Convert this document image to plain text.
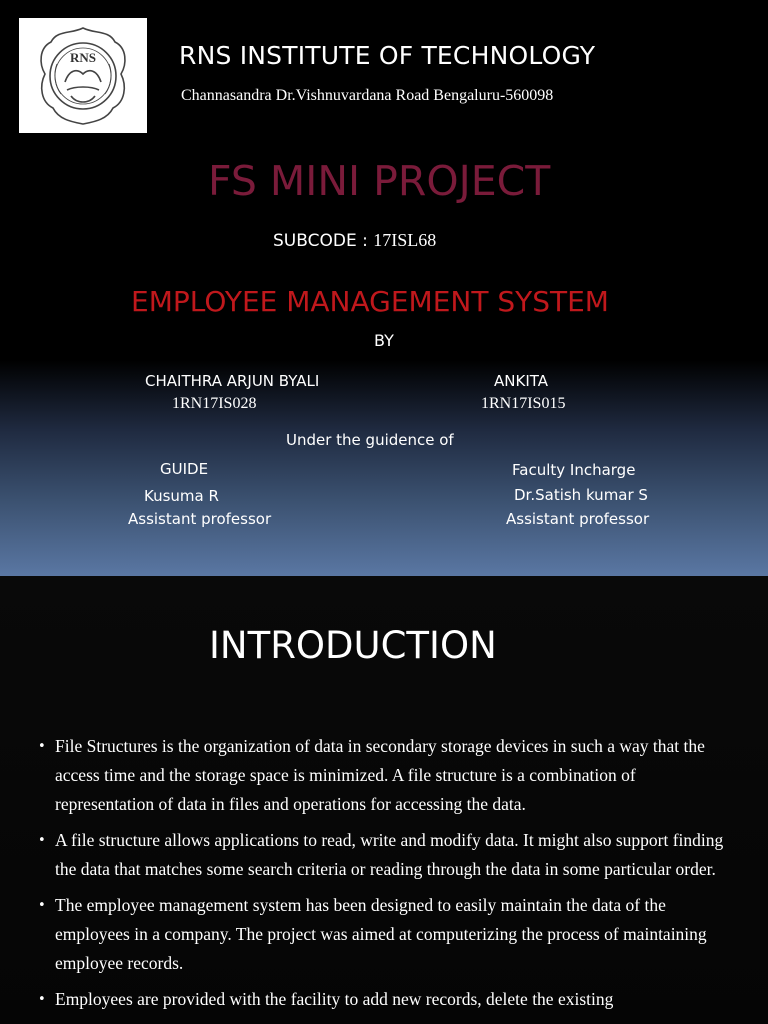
RNS	RNS INSTITUTE OF TECHNOLOGY
Channasandra Dr.Vishnuvardana Road Bengaluru-560098
FS MINI PROJECT
SUBCODE : 17ISL68
EMPLOYEE MANAGEMENT SYSTEM
BY
CHAITHRA ARJUN BYALI
1RN17IS028
ANKITA
1RN17IS015
Under the guidence of
GUIDE
Kusuma R
Assistant professor
Faculty Incharge
Dr.Satish kumar S
Assistant professor
INTRODUCTION
• File Structures is the organization of data in secondary storage devices in such a way that the access time and the storage space is minimized. A file structure is a combination of representation of data in files and operations for accessing the data.
• A file structure allows applications to read, write and modify data. It might also support finding the data that matches some search criteria or reading through the data in some particular order.
• The employee management system has been designed to easily maintain the data of the employees in a company. The project was aimed at computerizing the process of maintaining employee records.
• Employees are provided with the facility to add new records, delete the existing
